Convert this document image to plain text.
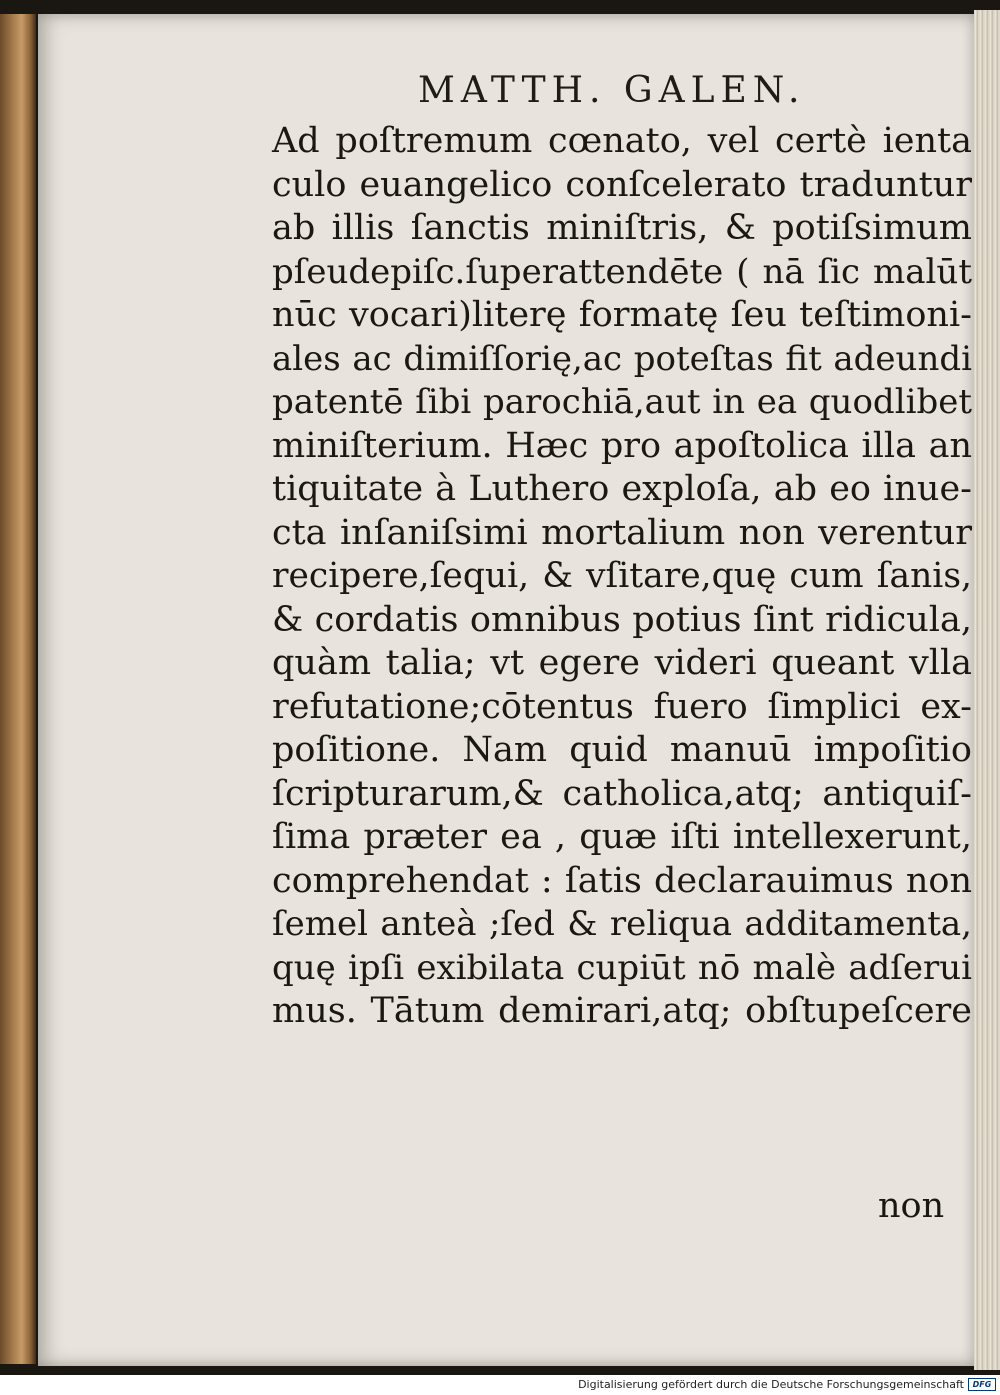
MATTH. GALEN.
Ad poſtremum cœnato, vel certè ienta
culo euangelico conſcelerato traduntur
ab illis ſanctis miniſtris, & potiſsimum
pſeudepiſc.ſuperattendēte ( nā ſic malūt
nūc vocari)literę formatę ſeu teſtimoni-
ales ac dimiſſorię,ac poteſtas fit adeundi
patentē ſibi parochiā,aut in ea quodlibet
miniſterium. Hæc pro apoſtolica illa an
tiquitate à Luthero exploſa, ab eo inue-
cta inſaniſsimi mortalium non verentur
recipere,ſequi, & vſitare,quę cum ſanis,
& cordatis omnibus potius ſint ridicula,
quàm talia; vt egere videri queant vlla
refutatione;cōtentus fuero ſimplici ex-
poſitione. Nam quid manuū impoſitio
ſcripturarum,& catholica,atq; antiquiſ-
ſima præter ea , quæ iſti intellexerunt,
comprehendat : ſatis declarauimus non
ſemel anteà ;ſed & reliqua additamenta,
quę ipſi exibilata cupiūt nō malè adſerui
mus. Tātum demirari,atq; obſtupeſcere
non
Digitalisierung gefördert durch die Deutsche Forschungsgemeinschaft	DFG
